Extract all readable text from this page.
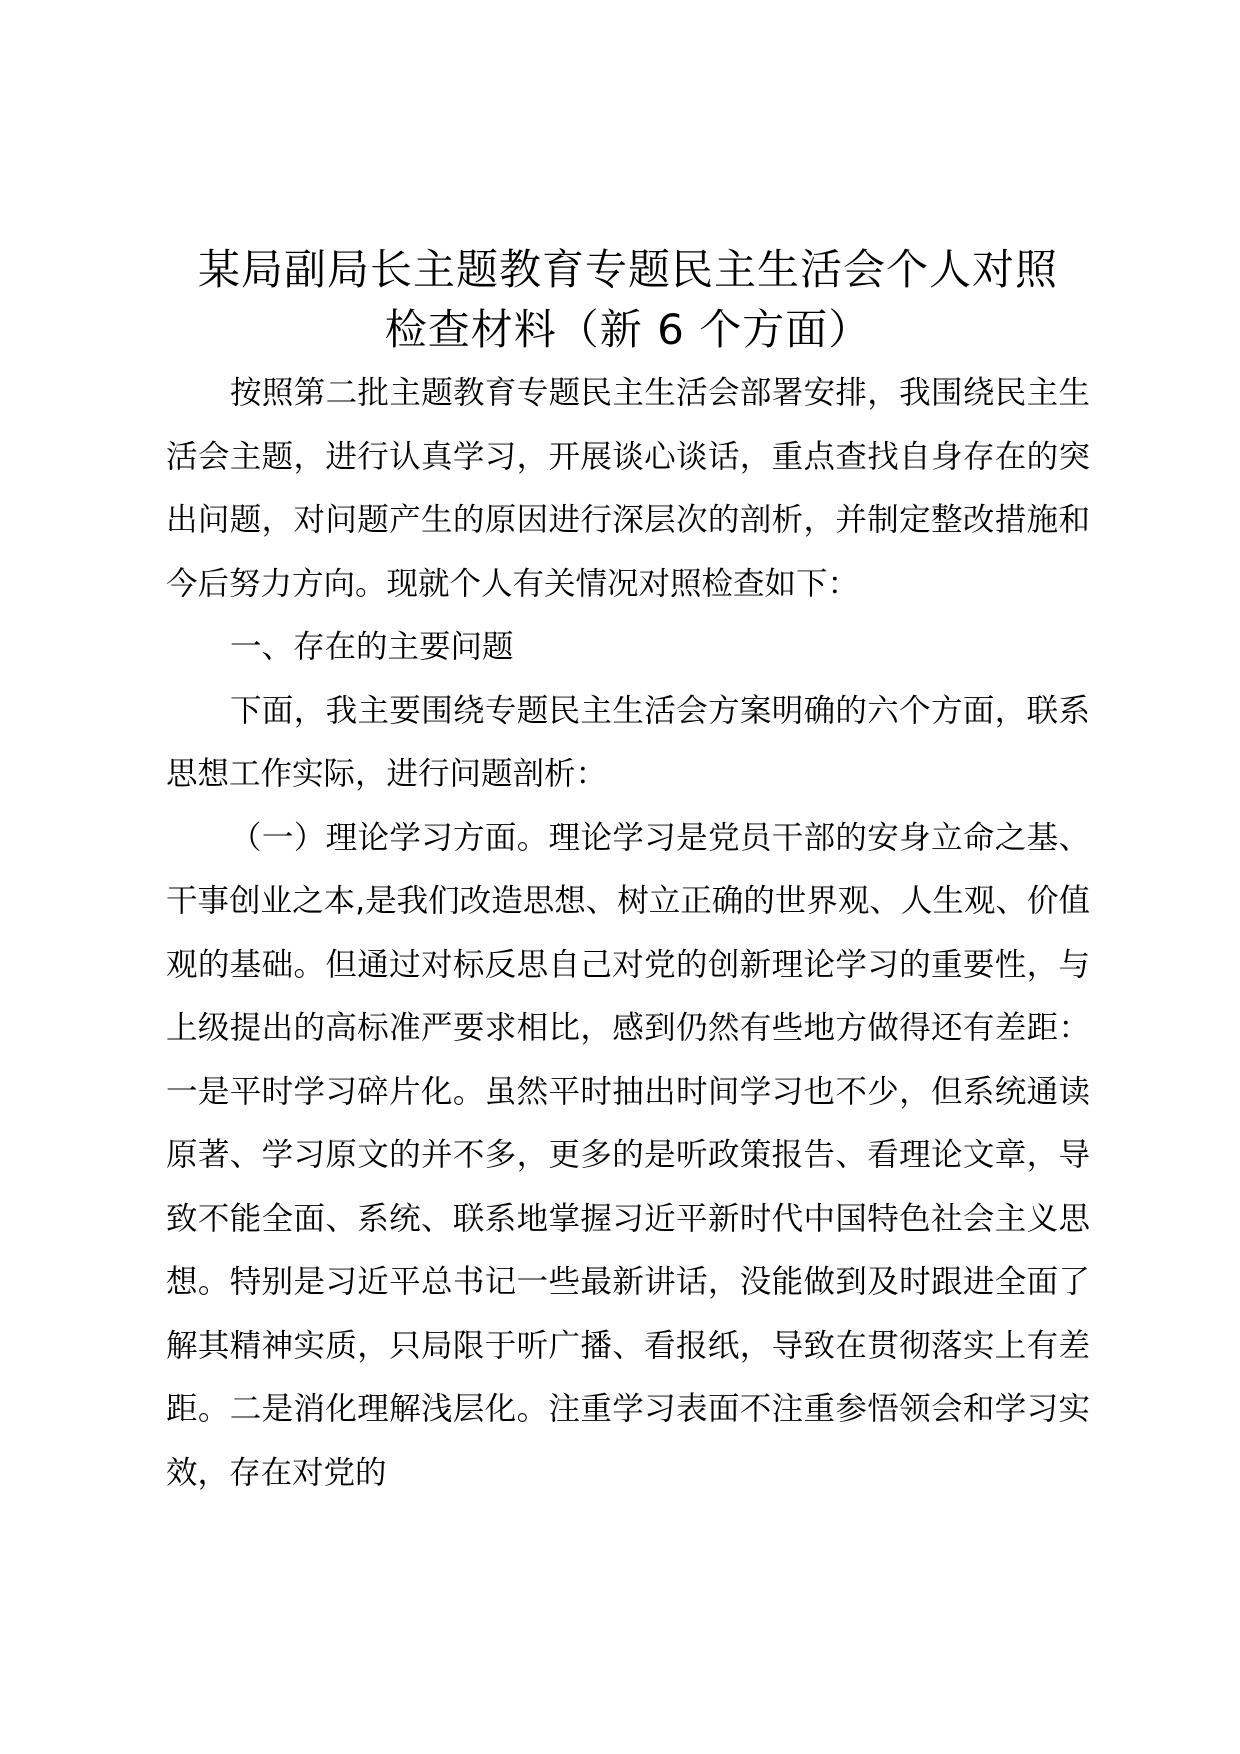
某局副局长主题教育专题民主生活会个人对照
检查材料（新 6 个方面）

按照第二批主题教育专题民主生活会部署安排，我围绕民主生活会主题，进行认真学习，开展谈心谈话，重点查找自身存在的突出问题，对问题产生的原因进行深层次的剖析，并制定整改措施和今后努力方向。现就个人有关情况对照检查如下：

一、存在的主要问题

下面，我主要围绕专题民主生活会方案明确的六个方面，联系思想工作实际，进行问题剖析：

（一）理论学习方面。理论学习是党员干部的安身立命之基、干事创业之本,是我们改造思想、树立正确的世界观、人生观、价值观的基础。但通过对标反思自己对党的创新理论学习的重要性，与上级提出的高标准严要求相比，感到仍然有些地方做得还有差距：一是平时学习碎片化。虽然平时抽出时间学习也不少，但系统通读原著、学习原文的并不多，更多的是听政策报告、看理论文章，导致不能全面、系统、联系地掌握习近平新时代中国特色社会主义思想。特别是习近平总书记一些最新讲话，没能做到及时跟进全面了解其精神实质，只局限于听广播、看报纸，导致在贯彻落实上有差距。二是消化理解浅层化。注重学习表面不注重参悟领会和学习实效，存在对党的
